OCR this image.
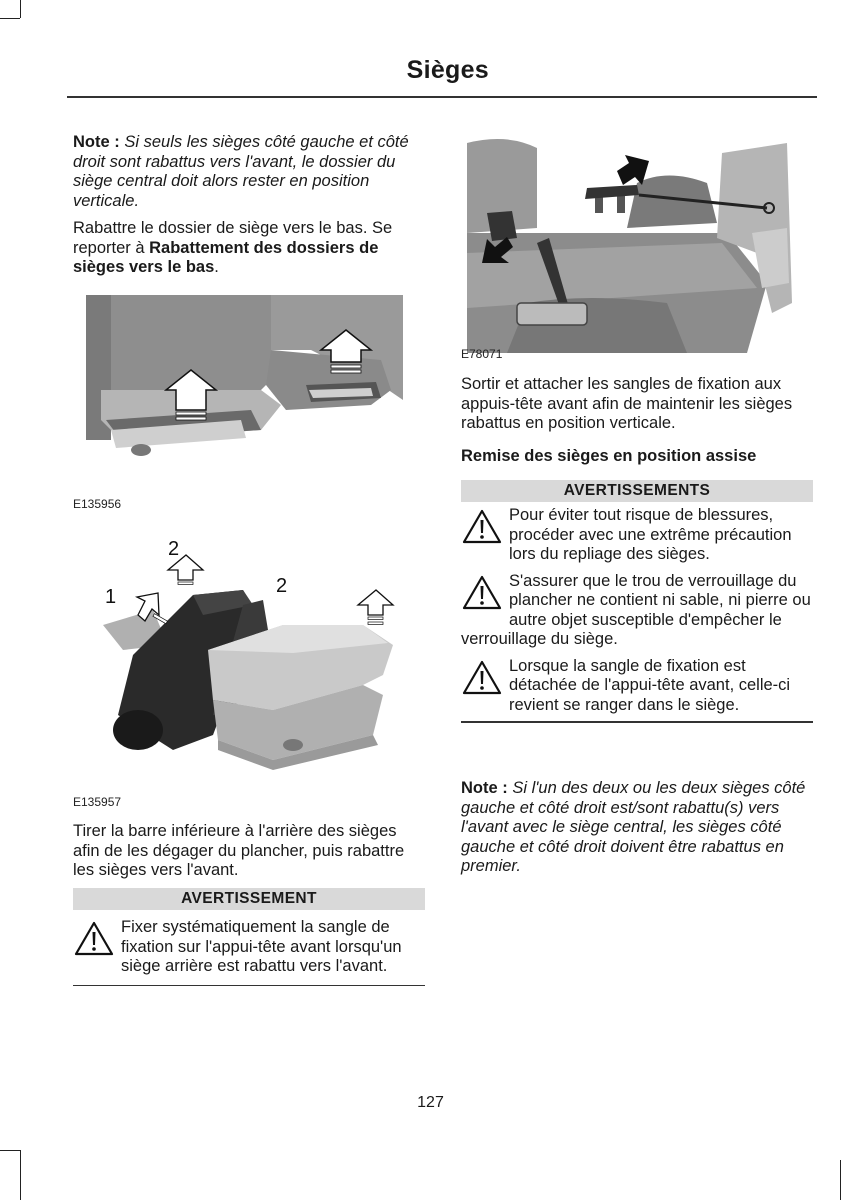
Sièges

Note : Si seuls les sièges côté gauche et côté droit sont rabattus vers l'avant, le dossier du siège central doit alors rester en position verticale.

Rabattre le dossier de siège vers le bas. Se reporter à Rabattement des dossiers de sièges vers le bas.

E135956
1
2
2
E135957

Tirer la barre inférieure à l'arrière des sièges afin de les dégager du plancher, puis rabattre les sièges vers l'avant.

AVERTISSEMENT
Fixer systématiquement la sangle de fixation sur l'appui-tête avant lorsqu'un siège arrière est rabattu vers l'avant.
E78071

Sortir et attacher les sangles de fixation aux appuis-tête avant afin de maintenir les sièges rabattus en position verticale.

Remise des sièges en position assise
AVERTISSEMENTS
Pour éviter tout risque de blessures, procéder avec une extrême précaution lors du repliage des sièges.
S'assurer que le trou de verrouillage du plancher ne contient ni sable, ni pierre ou autre objet susceptible d'empêcher le verrouillage du siège.
Lorsque la sangle de fixation est détachée de l'appui-tête avant, celle-ci revient se ranger dans le siège.

Note : Si l'un des deux ou les deux sièges côté gauche et côté droit est/sont rabattu(s) vers l'avant avec le siège central, les sièges côté gauche et côté droit doivent être rabattus en premier.

127
